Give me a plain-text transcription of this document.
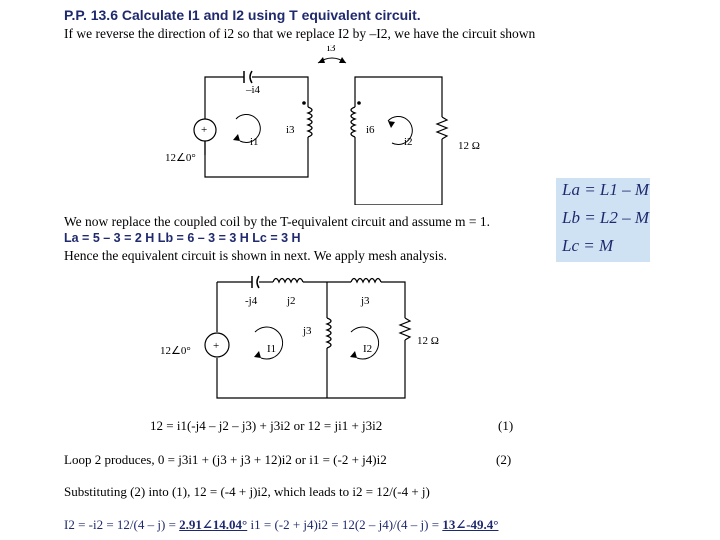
P.P. 13.6 Calculate I1 and I2 using T equivalent circuit.
If we reverse the direction of i2 so that we replace I2 by –I2, we have the circuit shown
i3
+
–i4
12∠0°
i1
i3	i6
12 Ω
i2
La = L1 – M
Lb = L2 – M
Lc = M
We now replace the coupled coil by the T-equivalent circuit and assume m = 1.
La = 5 – 3 = 2 H Lb = 6 – 3 = 3 H Lc = 3 H
Hence the equivalent circuit is shown in next. We apply mesh analysis.
+
-j4	j2	j3
j3
12∠0°
12 Ω
I1	I2
12 = i1(-j4 – j2 – j3) + j3i2 or 12 = ji1 + j3i2	(1)
Loop 2 produces, 0 = j3i1 + (j3 + j3 + 12)i2 or i1 = (-2 + j4)i2	(2)
Substituting (2) into (1), 12 = (-4 + j)i2, which leads to i2 = 12/(-4 + j)
I2 = -i2 = 12/(4 – j) = 2.91∠14.04° i1 = (-2 + j4)i2 = 12(2 – j4)/(4 – j) = 13∠-49.4°
